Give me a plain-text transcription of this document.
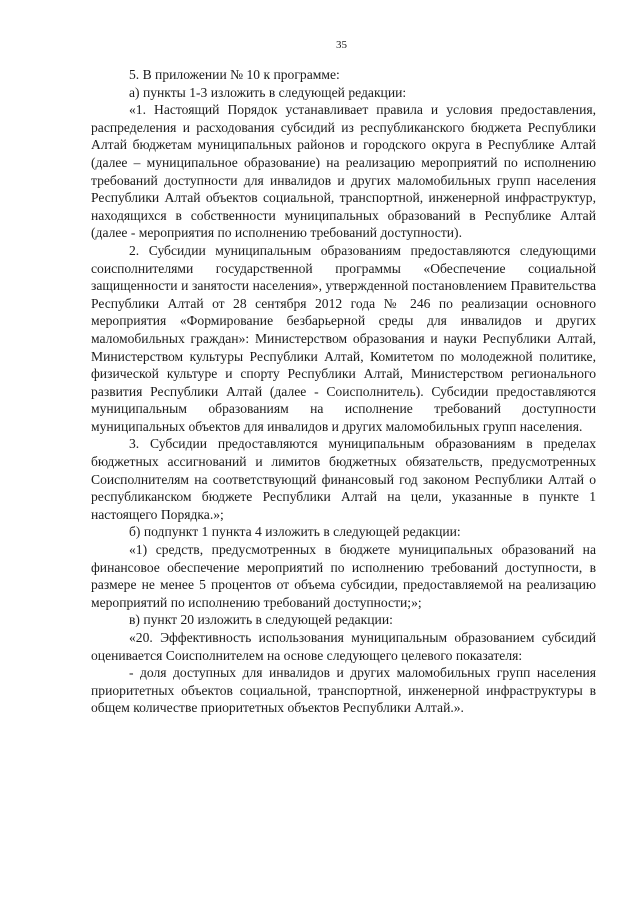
35

5. В приложении № 10 к программе:

а) пункты 1-3 изложить в следующей редакции:

«1. Настоящий Порядок устанавливает правила и условия предоставления, распределения и расходования субсидий из республиканского бюджета Республики Алтай бюджетам муниципальных районов и городского округа в Республике Алтай (далее – муниципальное образование) на реализацию мероприятий по исполнению требований доступности для инвалидов и других маломобильных групп населения Республики Алтай объектов социальной, транспортной, инженерной инфраструктур, находящихся в собственности муниципальных образований в Республике Алтай (далее - мероприятия по исполнению требований доступности).

2. Субсидии муниципальным образованиям предоставляются следующими соисполнителями государственной программы «Обеспечение социальной защищенности и занятости населения», утвержденной постановлением Правительства Республики Алтай от 28 сентября 2012 года № 246 по реализации основного мероприятия «Формирование безбарьерной среды для инвалидов и других маломобильных граждан»: Министерством образования и науки Республики Алтай, Министерством культуры Республики Алтай, Комитетом по молодежной политике, физической культуре и спорту Республики Алтай, Министерством регионального развития Республики Алтай (далее - Соисполнитель). Субсидии предоставляются муниципальным образованиям на исполнение требований доступности муниципальных объектов для инвалидов и других маломобильных групп населения.

3. Субсидии предоставляются муниципальным образованиям в пределах бюджетных ассигнований и лимитов бюджетных обязательств, предусмотренных Соисполнителям на соответствующий финансовый год законом Республики Алтай о республиканском бюджете Республики Алтай на цели, указанные в пункте 1 настоящего Порядка.»;

б) подпункт 1 пункта 4 изложить в следующей редакции:

«1) средств, предусмотренных в бюджете муниципальных образований на финансовое обеспечение мероприятий по исполнению требований доступности, в размере не менее 5 процентов от объема субсидии, предоставляемой на реализацию мероприятий по исполнению требований доступности;»;

в) пункт 20 изложить в следующей редакции:

«20. Эффективность использования муниципальным образованием субсидий оценивается Соисполнителем на основе следующего целевого показателя:

- доля доступных для инвалидов и других маломобильных групп населения приоритетных объектов социальной, транспортной, инженерной инфраструктуры в общем количестве приоритетных объектов Республики Алтай.».
